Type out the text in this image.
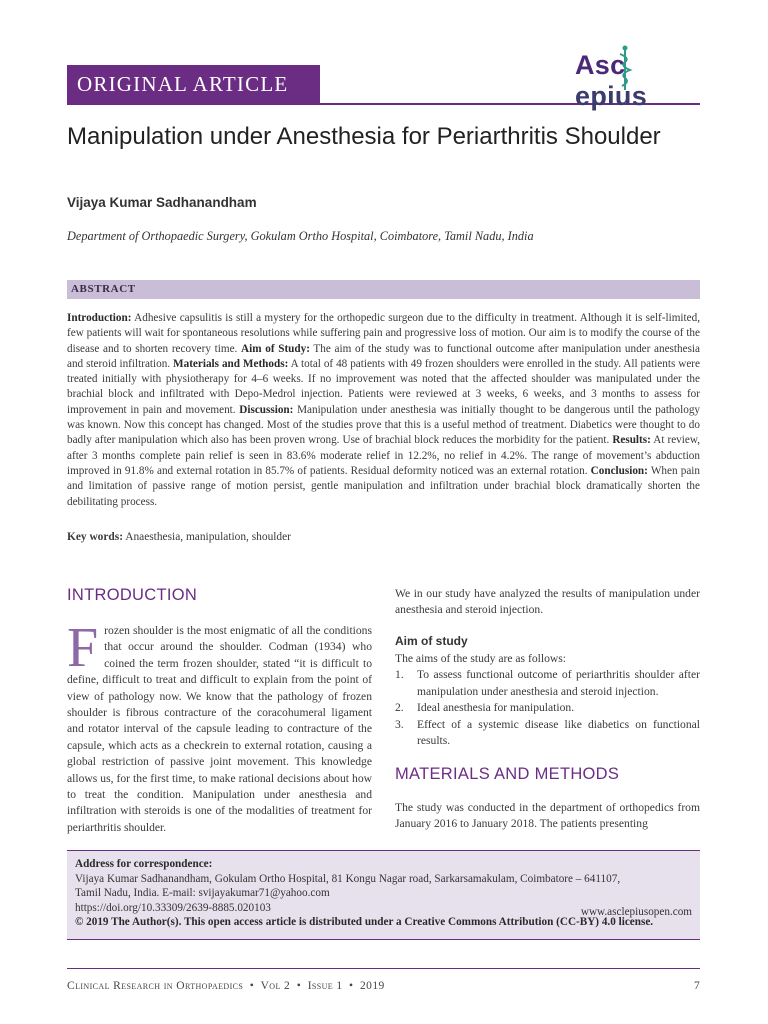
ORIGINAL ARTICLE
Ascepius
Manipulation under Anesthesia for Periarthritis Shoulder
Vijaya Kumar Sadhanandham
Department of Orthopaedic Surgery, Gokulam Ortho Hospital, Coimbatore, Tamil Nadu, India
ABSTRACT
Introduction: Adhesive capsulitis is still a mystery for the orthopedic surgeon due to the difficulty in treatment. Although it is self-limited, few patients will wait for spontaneous resolutions while suffering pain and progressive loss of motion. Our aim is to modify the course of the disease and to shorten recovery time. Aim of Study: The aim of the study was to functional outcome after manipulation under anesthesia and steroid infiltration. Materials and Methods: A total of 48 patients with 49 frozen shoulders were enrolled in the study. All patients were treated initially with physiotherapy for 4–6 weeks. If no improvement was noted that the affected shoulder was manipulated under the brachial block and infiltrated with Depo-Medrol injection. Patients were reviewed at 3 weeks, 6 weeks, and 3 months to assess for improvement in pain and movement. Discussion: Manipulation under anesthesia was initially thought to be dangerous until the pathology was known. Now this concept has changed. Most of the studies prove that this is a useful method of treatment. Diabetics were thought to do badly after manipulation which also has been proven wrong. Use of brachial block reduces the morbidity for the patient. Results: At review, after 3 months complete pain relief is seen in 83.6% moderate relief in 12.2%, no relief in 4.2%. The range of movement’s abduction improved in 91.8% and external rotation in 85.7% of patients. Residual deformity noticed was an external rotation. Conclusion: When pain and limitation of passive range of motion persist, gentle manipulation and infiltration under brachial block dramatically shorten the debilitating process.
Key words: Anaesthesia, manipulation, shoulder
INTRODUCTION
Frozen shoulder is the most enigmatic of all the conditions that occur around the shoulder. Codman (1934) who coined the term frozen shoulder, stated “it is difficult to define, difficult to treat and difficult to explain from the point of view of pathology now. We know that the pathology of frozen shoulder is fibrous contracture of the coracohumeral ligament and rotator interval of the capsule leading to contracture of the capsule, which acts as a checkrein to external rotation, causing a global restriction of passive joint movement. This knowledge allows us, for the first time, to make rational decisions about how to treat the condition. Manipulation under anesthesia and infiltration with steroids is one of the modalities of treatment for periarthritis shoulder.
We in our study have analyzed the results of manipulation under anesthesia and steroid injection.
Aim of study
The aims of the study are as follows:
1. To assess functional outcome of periarthritis shoulder after manipulation under anesthesia and steroid injection.
2. Ideal anesthesia for manipulation.
3. Effect of a systemic disease like diabetics on functional results.
MATERIALS AND METHODS
The study was conducted in the department of orthopedics from January 2016 to January 2018. The patients presenting
Address for correspondence:
Vijaya Kumar Sadhanandham, Gokulam Ortho Hospital, 81 Kongu Nagar road, Sarkarsamakulam, Coimbatore – 641107,
Tamil Nadu, India. E-mail: svijayakumar71@yahoo.com
https://doi.org/10.33309/2639-8885.020103	www.asclepiusopen.com
© 2019 The Author(s). This open access article is distributed under a Creative Commons Attribution (CC-BY) 4.0 license.
Clinical Research in Orthopaedics  •  Vol 2  •  Issue 1  •  2019	7
